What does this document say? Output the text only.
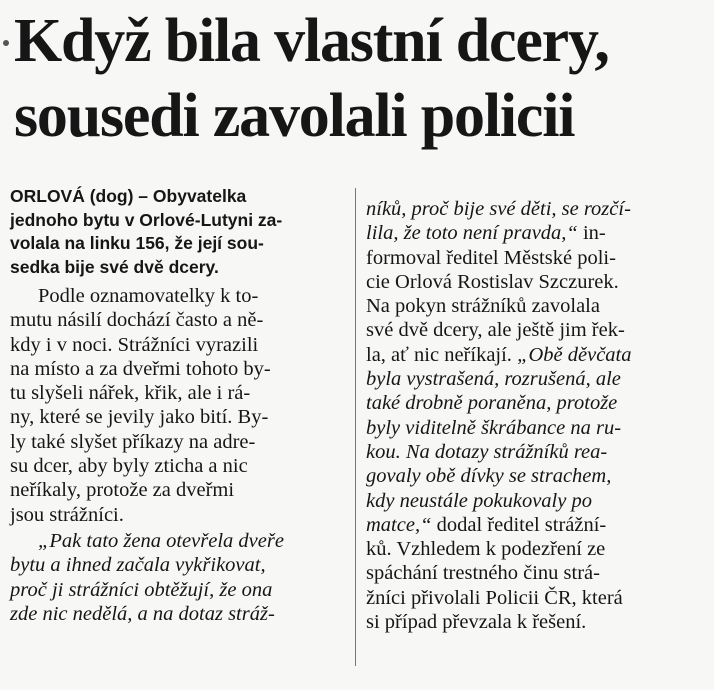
Když bila vlastní dcery,
sousedi zavolali policii
ORLOVÁ (dog) – Obyvatelka
jednoho bytu v Orlové-Lutyni za-
volala na linku 156, že její sou-
sedka bije své dvě dcery.
Podle oznamovatelky k to-
mutu násilí dochází často a ně-
kdy i v noci. Strážníci vyrazili
na místo a za dveřmi tohoto by-
tu slyšeli nářek, křik, ale i rá-
ny, které se jevily jako bití. By-
ly také slyšet příkazy na adre-
su dcer, aby byly zticha a nic
neříkaly, protože za dveřmi
jsou strážníci.
„Pak tato žena otevřela dveře
bytu a ihned začala vykřikovat,
proč ji strážníci obtěžují, že ona
zde nic nedělá, a na dotaz stráž-
níků, proč bije své děti, se rozčí-
lila, že toto není pravda,“ in-
formoval ředitel Městské poli-
cie Orlová Rostislav Szczurek.
Na pokyn strážníků zavolala
své dvě dcery, ale ještě jim řek-
la, ať nic neříkají. „Obě děvčata
byla vystrašená, rozrušená, ale
také drobně poraněna, protože
byly viditelně škrábance na ru-
kou. Na dotazy strážníků rea-
govaly obě dívky se strachem,
kdy neustále pokukovaly po
matce,“ dodal ředitel strážní-
ků. Vzhledem k podezření ze
spáchání trestného činu strá-
žníci přivolali Policii ČR, která
si případ převzala k řešení.
